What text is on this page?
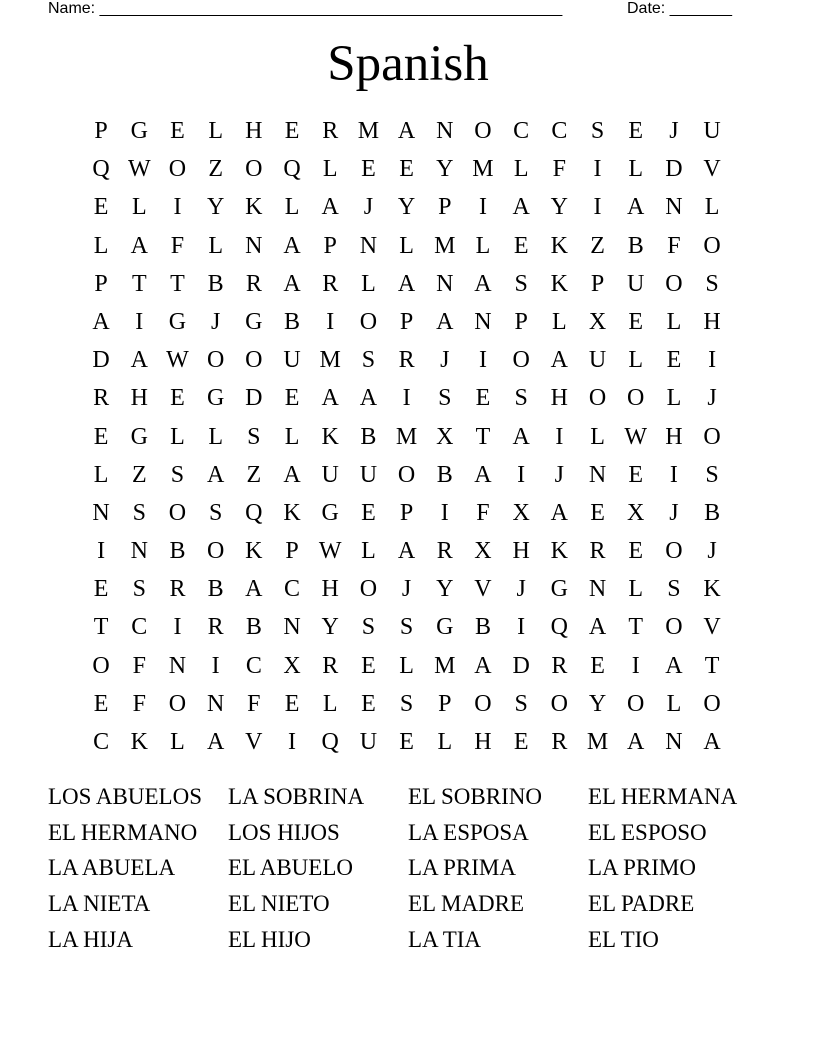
Name: ____________________________________________________	Date: _______
Spanish
P G E L H E R M A N O C C S	E	J	U
Q W O Z O Q L E E Y M L	F	I	L D V
E L	I	Y K L A	J	Y P	I	A Y	I	A N L
L A F	L N A P N L M L E K Z B F O
P	T T B R A R L A N A S K P U O S
A	I	G	J	G B	I	O P A N P	L X E L H
D A W O O U M S R	J	I	O A U L E	I
R H E G D E A A	I	S	E	S H O O L	J
E G L L	S	L K B M X T A	I	L W H O
L Z	S A Z A U U O B A	I	J	N E	I	S
N S O S Q K G E	P	I	F X A E X	J	B
I	N B O K P W L A R X H K R E O	J
E	S R B A C H O	J	Y V	J	G N L	S K
T C	I	R B N Y S	S G B	I	Q A T O V
O F N	I	C X R E L M A D R E	I	A T
E	F O N F	E L E	S	P O S O Y O L O
C K L A V	I	Q U E L H E R M A N A
LOS ABUELOS	LA SOBRINA	EL SOBRINO	EL HERMANA
EL HERMANO	LOS HIJOS	LA ESPOSA	EL ESPOSO
LA ABUELA	EL ABUELO	LA PRIMA	LA PRIMO
LA NIETA	EL NIETO	EL MADRE	EL PADRE
LA HIJA	EL HIJO	LA TIA	EL TIO
